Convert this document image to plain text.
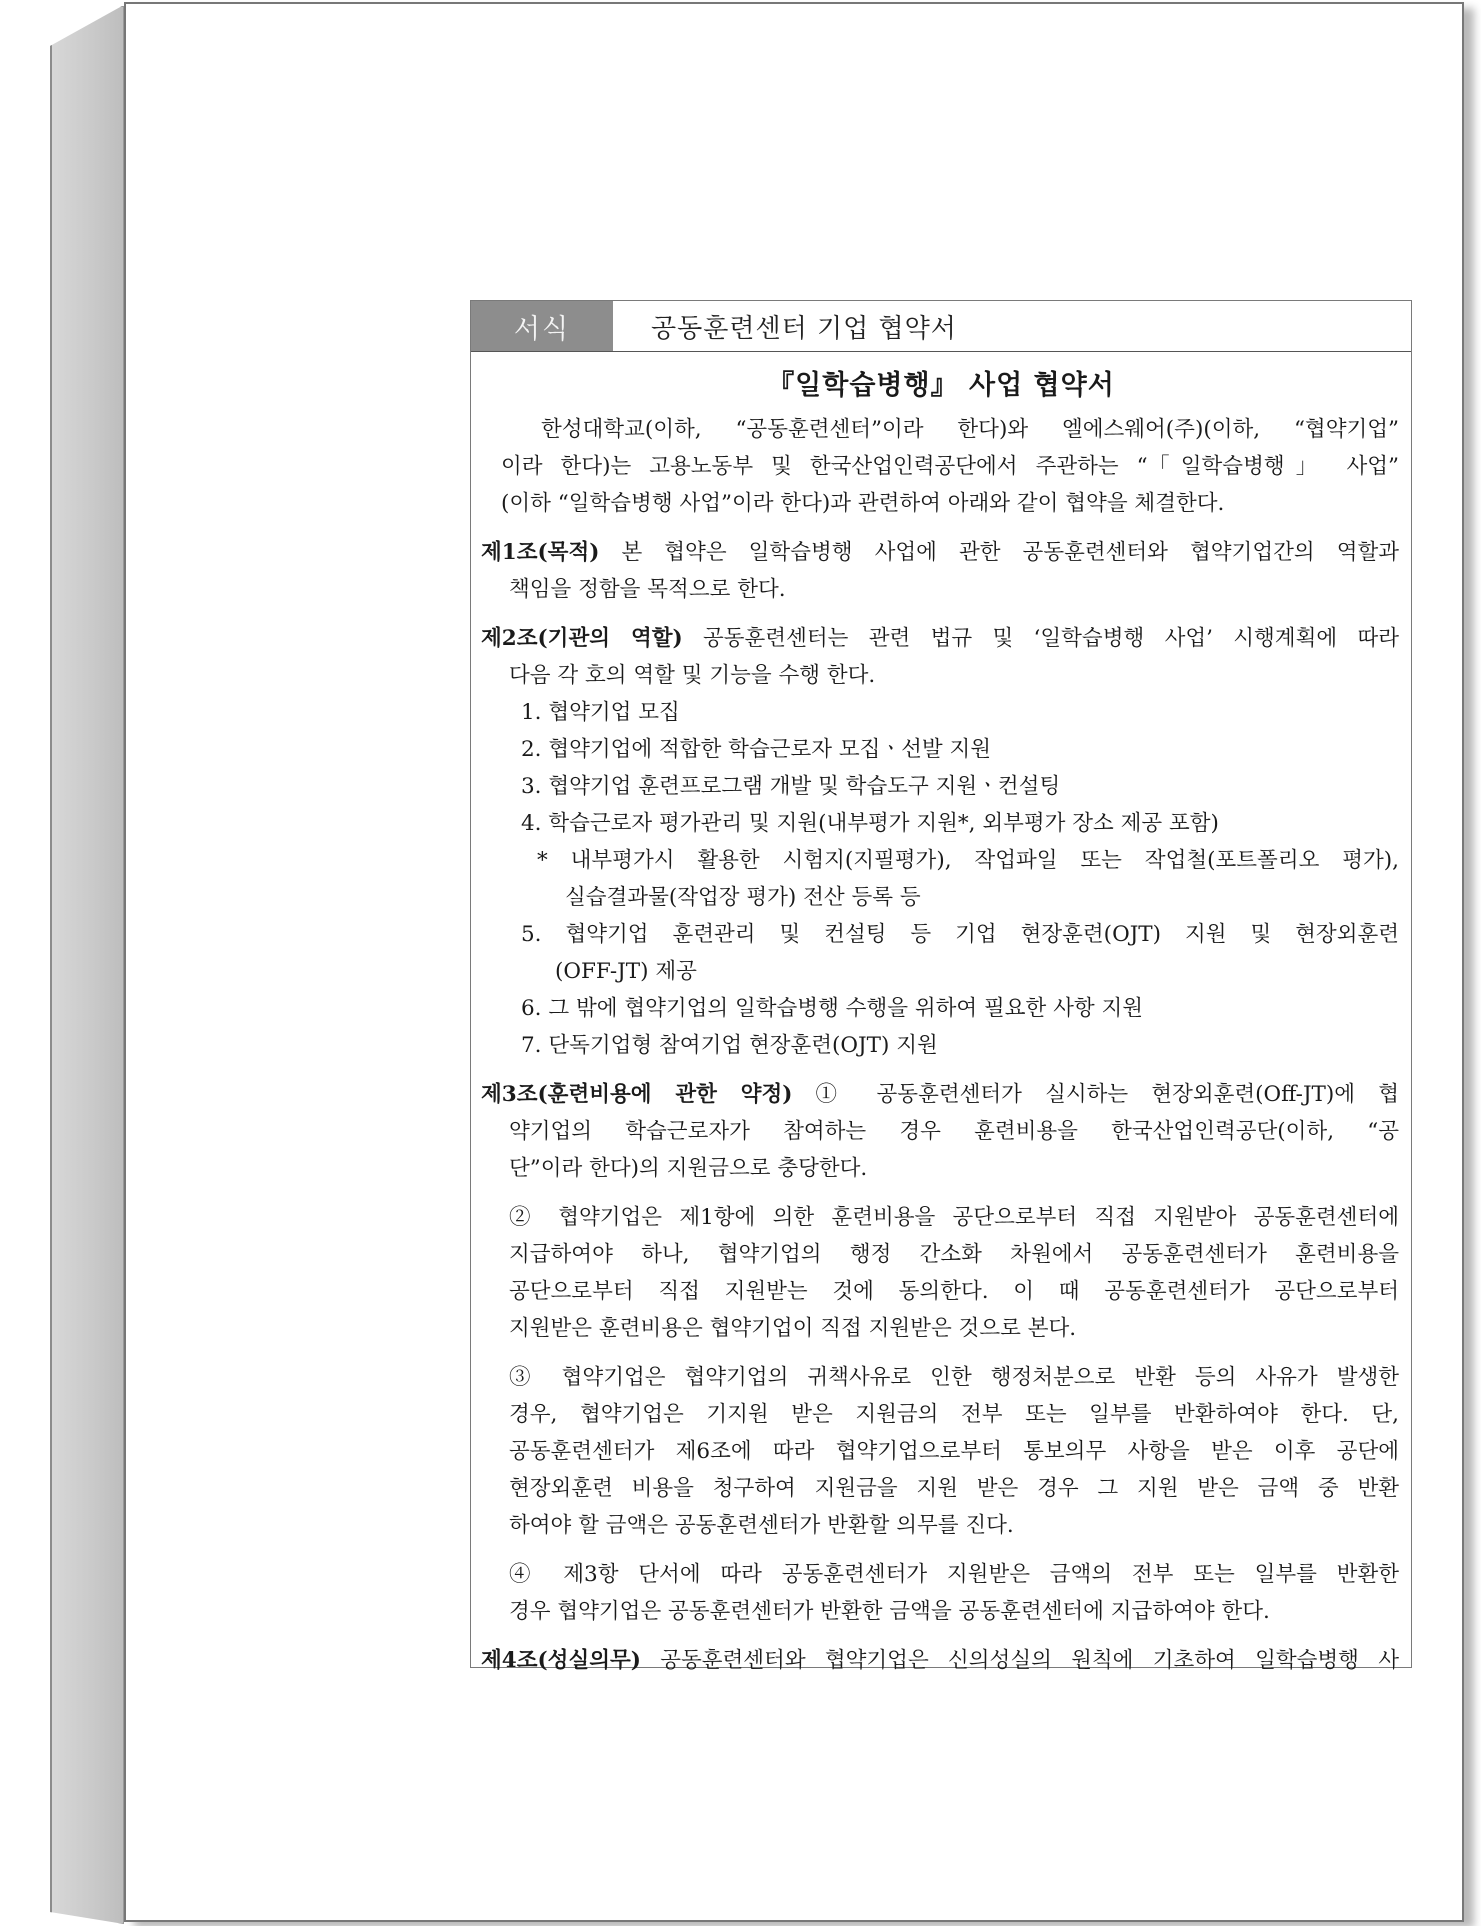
서식	공동훈련센터 기업 협약서
『일학습병행』 사업 협약서
한성대학교(이하, “공동훈련센터”이라 한다)와 엘에스웨어(주)(이하, “협약기업”
이라 한다)는 고용노동부 및 한국산업인력공단에서 주관하는 “「일학습병행」 사업”
(이하 “일학습병행 사업”이라 한다)과 관련하여 아래와 같이 협약을 체결한다.
제1조(목적) 본 협약은 일학습병행 사업에 관한 공동훈련센터와 협약기업간의 역할과
책임을 정함을 목적으로 한다.
제2조(기관의 역할) 공동훈련센터는 관련 법규 및 ‘일학습병행 사업’ 시행계획에 따라
다음 각 호의 역할 및 기능을 수행 한다.
1. 협약기업 모집
2. 협약기업에 적합한 학습근로자 모집ㆍ선발 지원
3. 협약기업 훈련프로그램 개발 및 학습도구 지원ㆍ컨설팅
4. 학습근로자 평가관리 및 지원(내부평가 지원*, 외부평가 장소 제공 포함)
* 내부평가시 활용한 시험지(지필평가), 작업파일 또는 작업철(포트폴리오 평가),
실습결과물(작업장 평가) 전산 등록 등
5. 협약기업 훈련관리 및 컨설팅 등 기업 현장훈련(OJT) 지원 및 현장외훈련
(OFF-JT) 제공
6. 그 밖에 협약기업의 일학습병행 수행을 위하여 필요한 사항 지원
7. 단독기업형 참여기업 현장훈련(OJT) 지원
제3조(훈련비용에 관한 약정) ① 공동훈련센터가 실시하는 현장외훈련(Off-JT)에 협
약기업의 학습근로자가 참여하는 경우 훈련비용을 한국산업인력공단(이하, “공
단”이라 한다)의 지원금으로 충당한다.
② 협약기업은 제1항에 의한 훈련비용을 공단으로부터 직접 지원받아 공동훈련센터에
지급하여야 하나, 협약기업의 행정 간소화 차원에서 공동훈련센터가 훈련비용을
공단으로부터 직접 지원받는 것에 동의한다. 이 때 공동훈련센터가 공단으로부터
지원받은 훈련비용은 협약기업이 직접 지원받은 것으로 본다.
③ 협약기업은 협약기업의 귀책사유로 인한 행정처분으로 반환 등의 사유가 발생한
경우, 협약기업은 기지원 받은 지원금의 전부 또는 일부를 반환하여야 한다. 단,
공동훈련센터가 제6조에 따라 협약기업으로부터 통보의무 사항을 받은 이후 공단에
현장외훈련 비용을 청구하여 지원금을 지원 받은 경우 그 지원 받은 금액 중 반환
하여야 할 금액은 공동훈련센터가 반환할 의무를 진다.
④ 제3항 단서에 따라 공동훈련센터가 지원받은 금액의 전부 또는 일부를 반환한
경우 협약기업은 공동훈련센터가 반환한 금액을 공동훈련센터에 지급하여야 한다.
제4조(성실의무) 공동훈련센터와 협약기업은 신의성실의 원칙에 기초하여 일학습병행 사
